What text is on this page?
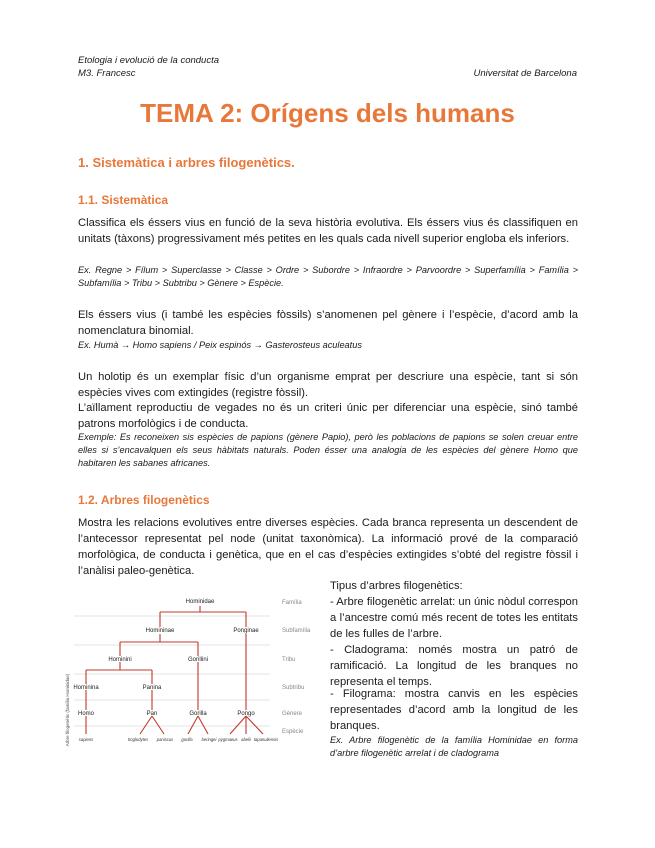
Etologia i evolució de la conducta
M3. Francesc	Universitat de Barcelona
TEMA 2: Orígens dels humans
1. Sistemàtica i arbres filogenètics.
1.1. Sistemàtica
Classifica els éssers vius en funció de la seva història evolutiva. Els éssers vius és classifiquen en unitats (tàxons) progressivament més petites en les quals cada nivell superior engloba els inferiors.
Ex. Regne > Fílum > Superclasse > Classe > Ordre > Subordre > Infraordre > Parvoordre > Superfamília > Família > Subfamília > Tribu > Subtribu > Gènere > Espècie.
Els éssers vius (i també les espècies fòssils) s’anomenen pel gènere i l’espècie, d’acord amb la nomenclatura binomial.
Ex. Humà → Homo sapiens / Peix espinós → Gasterosteus aculeatus
Un holotip és un exemplar físic d’un organisme emprat per descriure una espècie, tant si són espècies vives com extingides (registre fòssil).
L’aïllament reproductiu de vegades no és un criteri únic per diferenciar una espècie, sinó també patrons morfològics i de conducta.
Exemple: Es reconeixen sis espècies de papions (gènere Papio), però les poblacions de papions se solen creuar entre elles si s’encavalquen els seus hàbitats naturals. Poden ésser una analogia de les espècies del gènere Homo que habitaren les sabanes africanes.
1.2. Arbres filogenètics
Mostra les relacions evolutives entre diverses espècies. Cada branca representa un descendent de l’antecessor representat pel node (unitat taxonòmica). La informació prové de la comparació morfològica, de conducta i genètica, que en el cas d’espècies extingides s’obté del registre fòssil i l’anàlisi paleo-genètica.
Tipus d’arbres filogenètics:
- Arbre filogenètic arrelat: un únic nòdul correspon a l’ancestre comú més recent de totes les entitats de les fulles de l’arbre.
- Cladograma: només mostra un patró de ramificació. La longitud de les branques no representa el temps.
- Filograma: mostra canvis en les espècies representades d’acord amb la longitud de les branques.
Ex. Arbre filogenètic de la família Hominidae en forma d’arbre filogenètic arrelat i de cladograma
Arbre filogenètic (família Hominidae)
Família
Subfamília
Tribu
Subtribu
Gènere
Espècie
Hominidae
Homininae	Ponginae
Hominini	Gorillini
Hominina	Panina
Homo	Pan	Gorilla	Pongo
sapiens	troglodytes paniscus gorilla beringei pygmaeus abelii tapanuliensis
